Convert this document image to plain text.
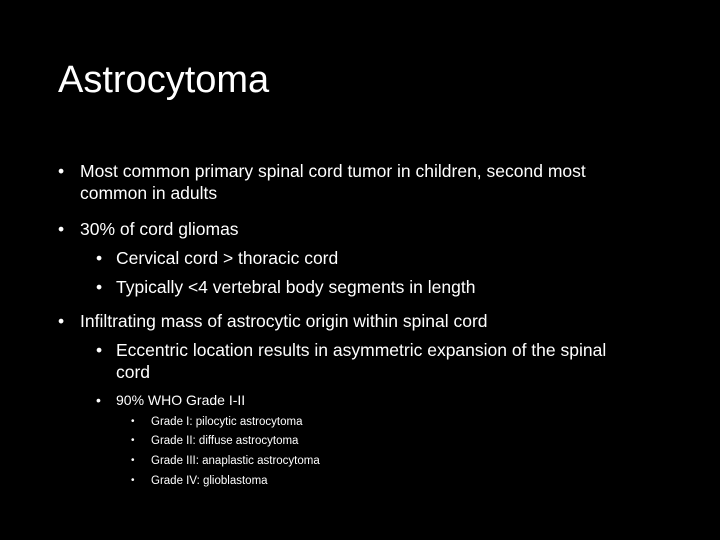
Astrocytoma
• Most common primary spinal cord tumor in children, second most common in adults
• 30% of cord gliomas
• Cervical cord > thoracic cord
• Typically <4 vertebral body segments in length
• Infiltrating mass of astrocytic origin within spinal cord
• Eccentric location results in asymmetric expansion of the spinal cord
•	90% WHO Grade I-II
•	Grade I: pilocytic astrocytoma
•	Grade II: diffuse astrocytoma
•	Grade III: anaplastic astrocytoma
•	Grade IV: glioblastoma
